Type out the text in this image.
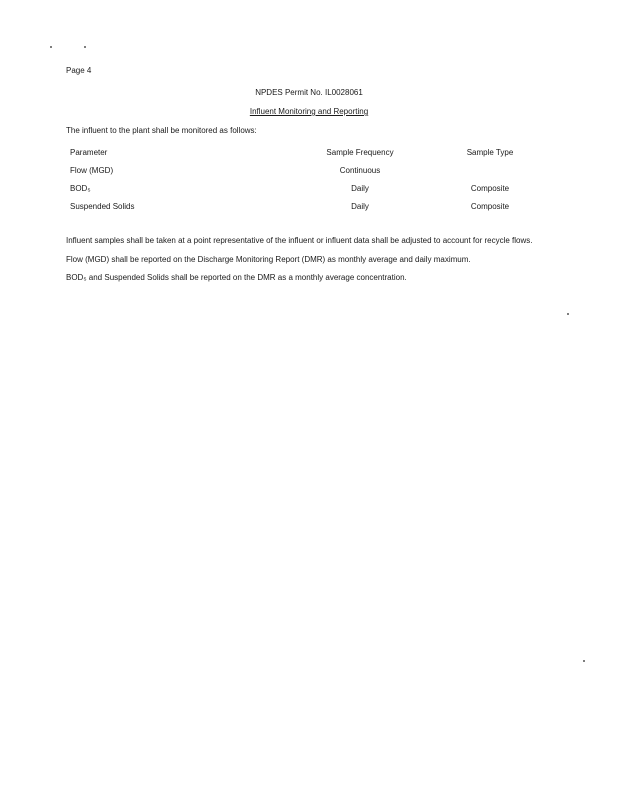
Page 4
NPDES Permit No. IL0028061
Influent Monitoring and Reporting
The influent to the plant shall be monitored as follows:
Parameter	Sample Frequency	Sample Type
Flow (MGD)	Continuous
BOD₅	Daily	Composite
Suspended Solids	Daily	Composite
Influent samples shall be taken at a point representative of the influent or influent data shall be adjusted to account for recycle flows.
Flow (MGD) shall be reported on the Discharge Monitoring Report (DMR) as monthly average and daily maximum.
BOD₅ and Suspended Solids shall be reported on the DMR as a monthly average concentration.
